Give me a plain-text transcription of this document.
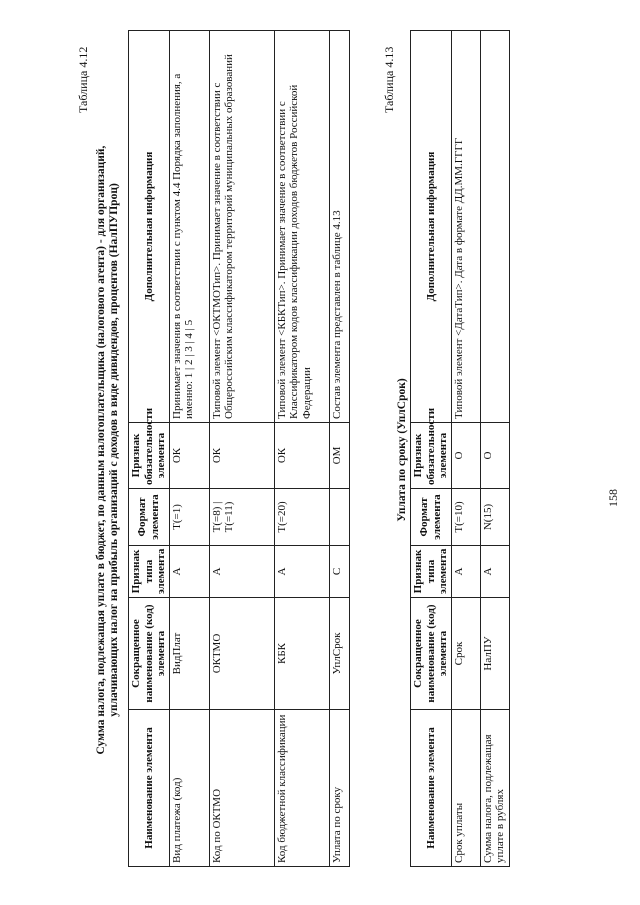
158
Таблица 4.12
Сумма налога, подлежащая уплате в бюджет, по данным налогоплательщика (налогового агента) - для организаций, уплачивающих налог на прибыль организаций с доходов в виде дивидендов, процентов (НалПУПроц)
Наименование элемента	Сокращенное наименование (код) элемента	Признак типа элемента	Формат элемента	Признак обязательности элемента	Дополнительная информация
Вид платежа (код)	ВидПлат	А	T(=1)	ОК	Принимает значения в соответствии с пунктом 4.4 Порядка заполнения, а именно: 1 | 2 | 3 | 4 | 5
Код по ОКТМО	ОКТМО	А	T(=8) | T(=11)	ОК	Типовой элемент <ОКТМОТип>. Принимает значение в соответствии с Общероссийским классификатором территорий муниципальных образований
Код бюджетной классификации	КБК	А	T(=20)	ОК	Типовой элемент <КБКТип>. Принимает значение в соответствии с Классификатором кодов классификации доходов бюджетов Российской Федерации
Уплата по сроку	УплСрок	С		ОМ	Состав элемента представлен в таблице 4.13
Таблица 4.13
Уплата по сроку (УплСрок)
Наименование элемента	Сокращенное наименование (код) элемента	Признак типа элемента	Формат элемента	Признак обязательности элемента	Дополнительная информация
Срок уплаты	Срок	А	T(=10)	О	Типовой элемент <ДатаТип>. Дата в формате ДД.ММ.ГГГГ
Сумма налога, подлежащая уплате в рублях	НалПУ	А	N(15)	О	
